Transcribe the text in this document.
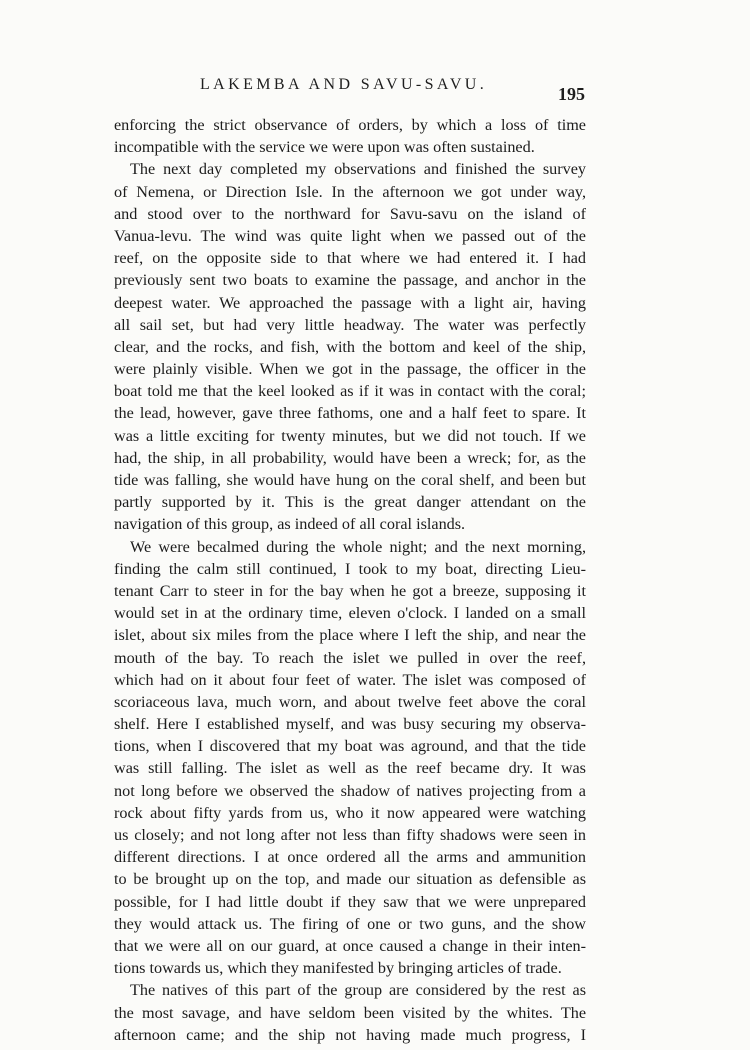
LAKEMBA AND SAVU-SAVU.	195
enforcing the strict observance of orders, by which a loss of time
incompatible with the service we were upon was often sustained.
The next day completed my observations and finished the survey
of Nemena, or Direction Isle. In the afternoon we got under way,
and stood over to the northward for Savu-savu on the island of
Vanua-levu. The wind was quite light when we passed out of the
reef, on the opposite side to that where we had entered it. I had
previously sent two boats to examine the passage, and anchor in the
deepest water. We approached the passage with a light air, having
all sail set, but had very little headway. The water was perfectly
clear, and the rocks, and fish, with the bottom and keel of the ship,
were plainly visible. When we got in the passage, the officer in the
boat told me that the keel looked as if it was in contact with the coral;
the lead, however, gave three fathoms, one and a half feet to spare. It
was a little exciting for twenty minutes, but we did not touch. If we
had, the ship, in all probability, would have been a wreck; for, as the
tide was falling, she would have hung on the coral shelf, and been but
partly supported by it. This is the great danger attendant on the
navigation of this group, as indeed of all coral islands.
We were becalmed during the whole night; and the next morning,
finding the calm still continued, I took to my boat, directing Lieu-
tenant Carr to steer in for the bay when he got a breeze, supposing it
would set in at the ordinary time, eleven o'clock. I landed on a small
islet, about six miles from the place where I left the ship, and near the
mouth of the bay. To reach the islet we pulled in over the reef,
which had on it about four feet of water. The islet was composed of
scoriaceous lava, much worn, and about twelve feet above the coral
shelf. Here I established myself, and was busy securing my observa-
tions, when I discovered that my boat was aground, and that the tide
was still falling. The islet as well as the reef became dry. It was
not long before we observed the shadow of natives projecting from a
rock about fifty yards from us, who it now appeared were watching
us closely; and not long after not less than fifty shadows were seen in
different directions. I at once ordered all the arms and ammunition
to be brought up on the top, and made our situation as defensible as
possible, for I had little doubt if they saw that we were unprepared
they would attack us. The firing of one or two guns, and the show
that we were all on our guard, at once caused a change in their inten-
tions towards us, which they manifested by bringing articles of trade.
The natives of this part of the group are considered by the rest as
the most savage, and have seldom been visited by the whites. The
afternoon came; and the ship not having made much progress, I
